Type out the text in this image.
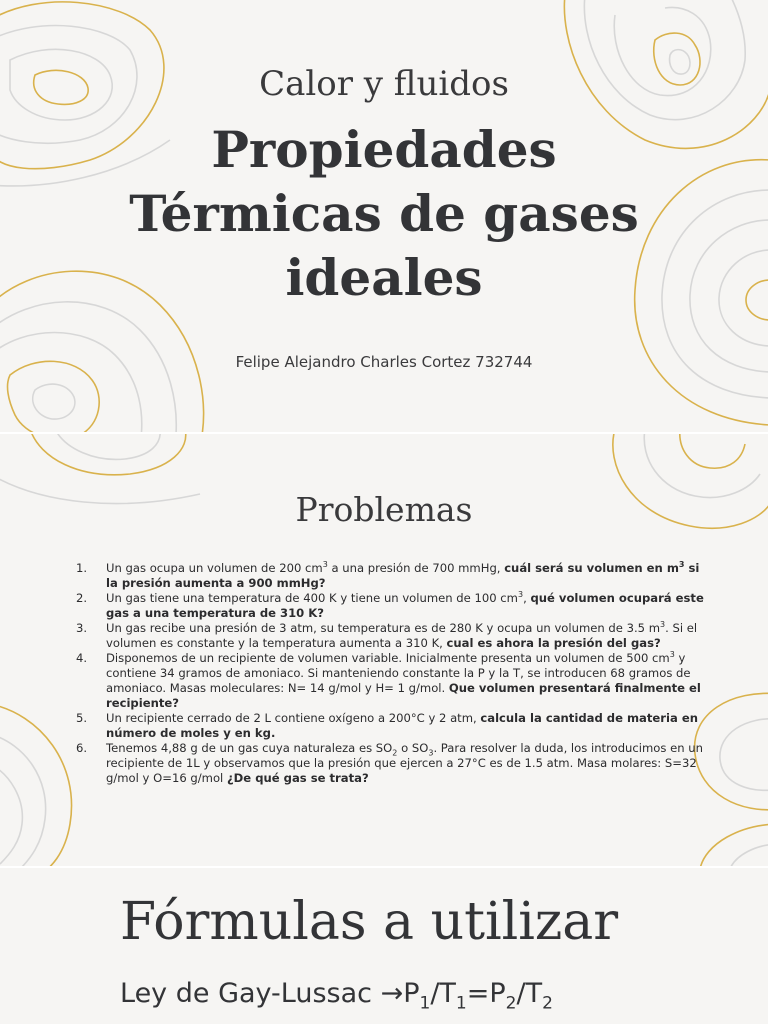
Calor y fluidos
Propiedades
Térmicas de gases
ideales
Felipe Alejandro Charles Cortez 732744
Problemas
1. Un gas ocupa un volumen de 200 $cm^3$ a una presión de 700 mmHg, cuál será su volumen en $m^3$ si la presión aumenta a 900 mmHg?
2. Un gas tiene una temperatura de 400 K y tiene un volumen de 100 $cm^3$, qué volumen ocupará este gas a una temperatura de 310 K?
3. Un gas recibe una presión de 3 atm, su temperatura es de 280 K y ocupa un volumen de 3.5 $m^3$. Si el volumen es constante y la temperatura aumenta a 310 K, cual es ahora la presión del gas?
4. Disponemos de un recipiente de volumen variable. Inicialmente presenta un volumen de 500 $cm^3$ y contiene 34 gramos de amoniaco. Si manteniendo constante la P y la T, se introducen 68 gramos de amoniaco. Masas moleculares: N= 14 g/mol y H= 1 g/mol. Que volumen presentará finalmente el recipiente?
5. Un recipiente cerrado de 2 L contiene oxígeno a 200°C y 2 atm, calcula la cantidad de materia en número de moles y en kg.
6. Tenemos 4,88 g de un gas cuya naturaleza es $SO_2$ o $SO_3$. Para resolver la duda, los introducimos en un recipiente de 1L y observamos que la presión que ejercen a 27°C es de 1.5 atm. Masa molares: S=32 g/mol y O=16 g/mol ¿De qué gas se trata?
Fórmulas a utilizar
Ley de Gay-Lussac $\to P_1/T_1=P_2/T_2$
